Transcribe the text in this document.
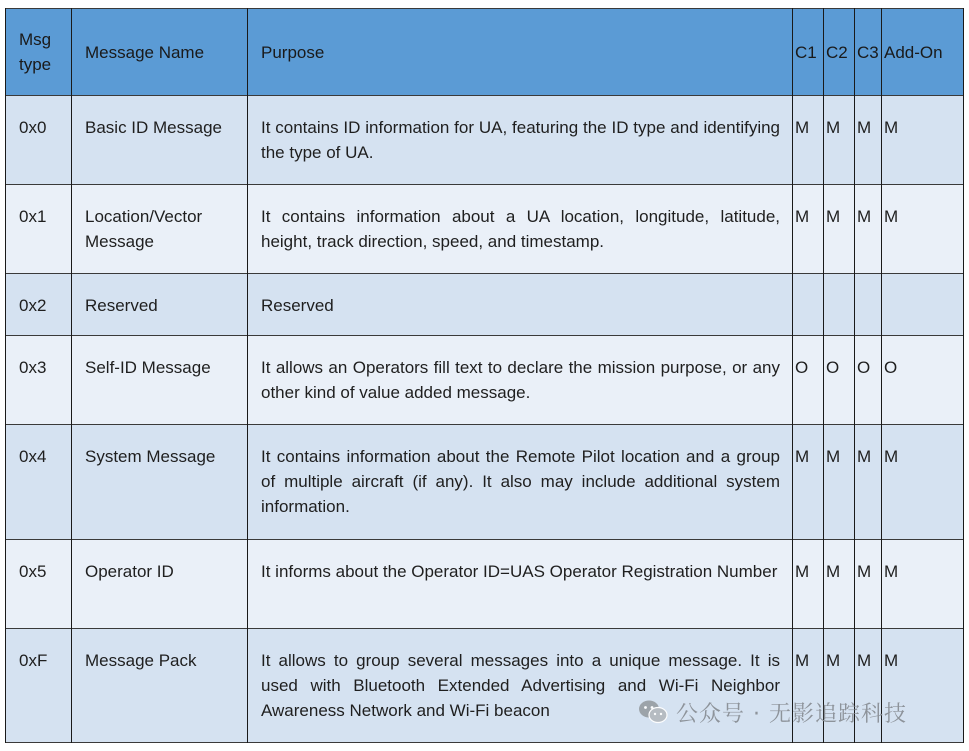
Msg type	Message Name	Purpose	C1	C2	C3	Add-On

0x0	Basic ID Message	It contains ID information for UA, featuring the ID type and identifying the type of UA.	M	M	M	M

0x1	Location/Vector Message	It contains information about a UA location, longitude, latitude, height, track direction, speed, and timestamp.	M	M	M	M

0x2	Reserved	Reserved				

0x3	Self-ID Message	It allows an Operators fill text to declare the mission purpose, or any other kind of value added message.	O	O	O	O

0x4	System Message	It contains information about the Remote Pilot location and a group of multiple aircraft (if any). It also may include additional system information.	M	M	M	M

0x5	Operator ID	It informs about the Operator ID=UAS Operator Registration Number	M	M	M	M

0xF	Message Pack	It allows to group several messages into a unique message. It is used with Bluetooth Extended Advertising and Wi-Fi Neighbor Awareness Network and Wi-Fi beacon	M	M	M	M
公众号 · 无影追踪科技
